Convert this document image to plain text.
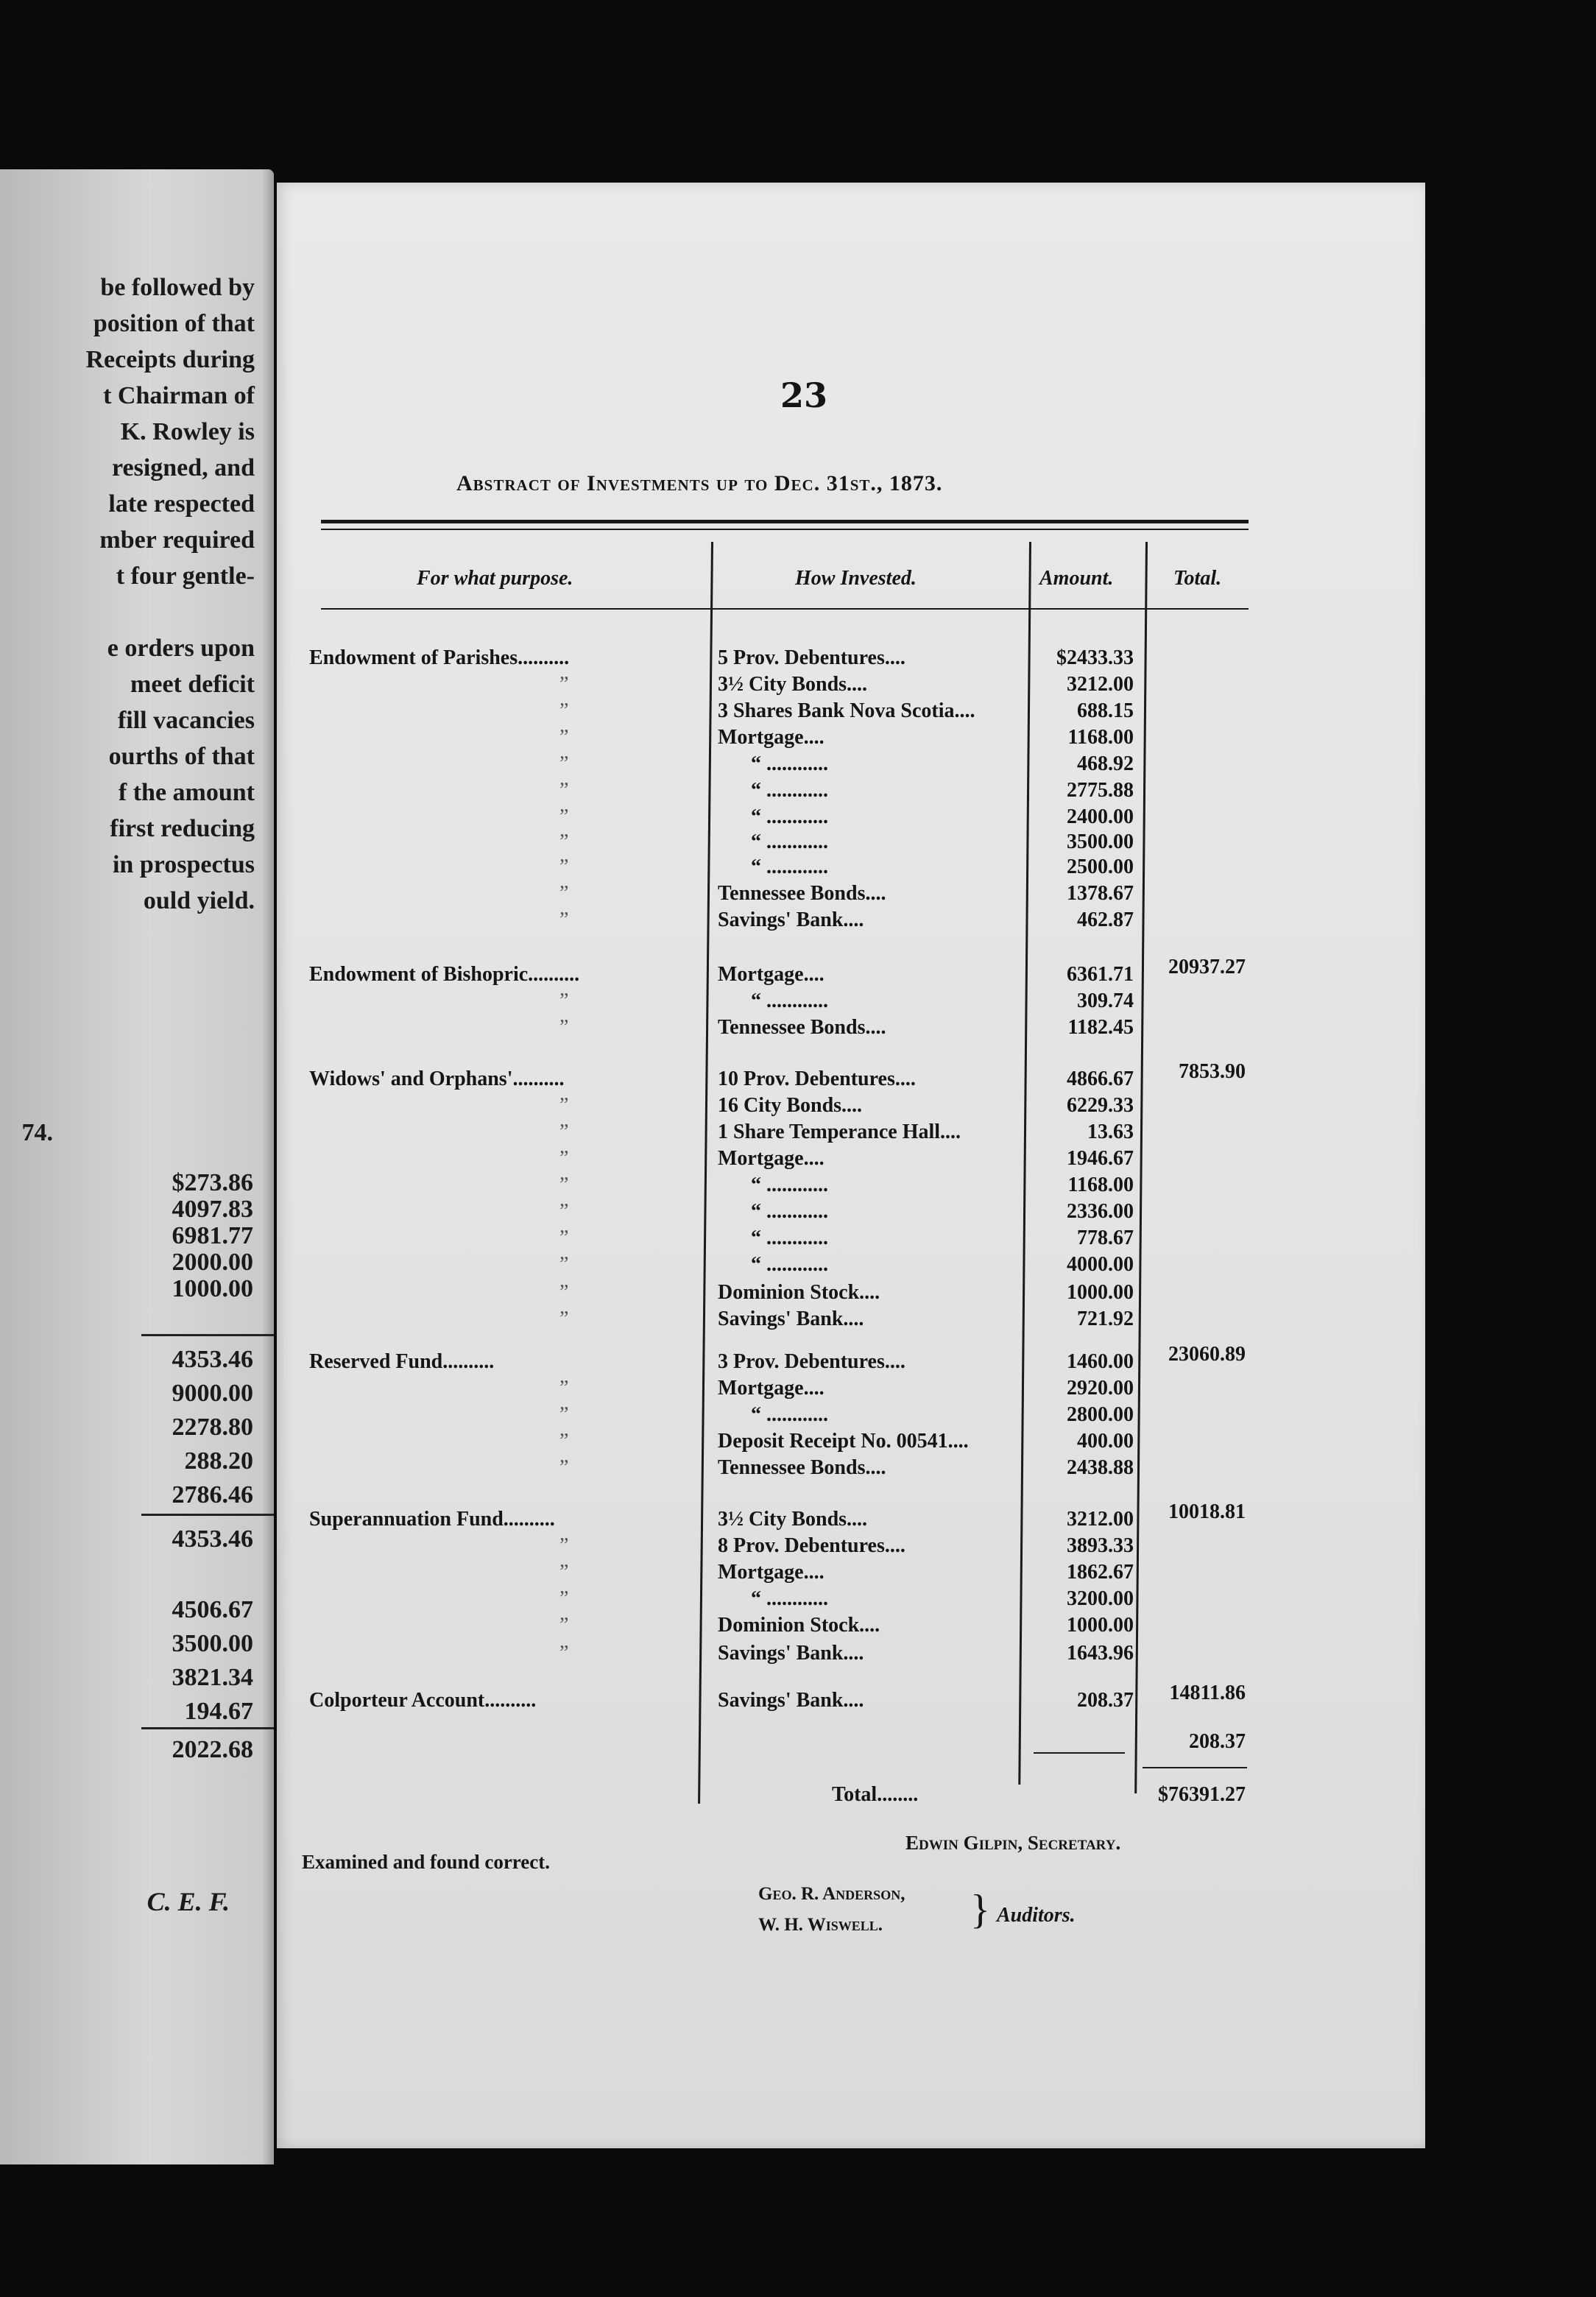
be followed by
position of that
Receipts during
t Chairman of
K. Rowley is
resigned, and
late respected
mber required
t four gentle-
e orders upon
meet deficit
fill vacancies
ourths of that
f the amount
first reducing
in prospectus
ould yield.
74.
$273.86
4097.83
6981.77
2000.00
1000.00
4353.46
9000.00
2278.80
288.20
2786.46
4353.46
4506.67
3500.00
3821.34
194.67
2022.68
C. E. F.

23
Abstract of Investments up to Dec. 31st., 1873.
For what purpose.	How Invested.	Amount.	Total.
Endowment of Parishes..........	5 Prov. Debentures....	$2433.33
”	3½ City Bonds....	3212.00
”	3 Shares Bank Nova Scotia....	688.15
”	Mortgage....	1168.00
”	“ ............	468.92
”	“ ............	2775.88
”	“ ............	2400.00
”	“ ............	3500.00
”	“ ............	2500.00
”	Tennessee Bonds....	1378.67
”	Savings' Bank....	462.87
Endowment of Bishopric..........	Mortgage....	6361.71	20937.27
”	“ ............	309.74
”	Tennessee Bonds....	1182.45
Widows' and Orphans'..........	10 Prov. Debentures....	4866.67	7853.90
”	16 City Bonds....	6229.33
”	1 Share Temperance Hall....	13.63
”	Mortgage....	1946.67
”	“ ............	1168.00
”	“ ............	2336.00
”	“ ............	778.67
”	“ ............	4000.00
”	Dominion Stock....	1000.00
”	Savings' Bank....	721.92
Reserved Fund..........	3 Prov. Debentures....	1460.00	23060.89
”	Mortgage....	2920.00
”	“ ............	2800.00
”	Deposit Receipt No. 00541....	400.00
”	Tennessee Bonds....	2438.88
Superannuation Fund..........	3½ City Bonds....	3212.00	10018.81
”	8 Prov. Debentures....	3893.33
”	Mortgage....	1862.67
”	“ ............	3200.00
”	Dominion Stock....	1000.00
”	Savings' Bank....	1643.96
Colporteur Account..........	Savings' Bank....	208.37	14811.86
208.37
Total........	$76391.27
Edwin Gilpin, Secretary.
Examined and found correct.
Geo. R. Anderson,
W. H. Wiswell. } Auditors.
